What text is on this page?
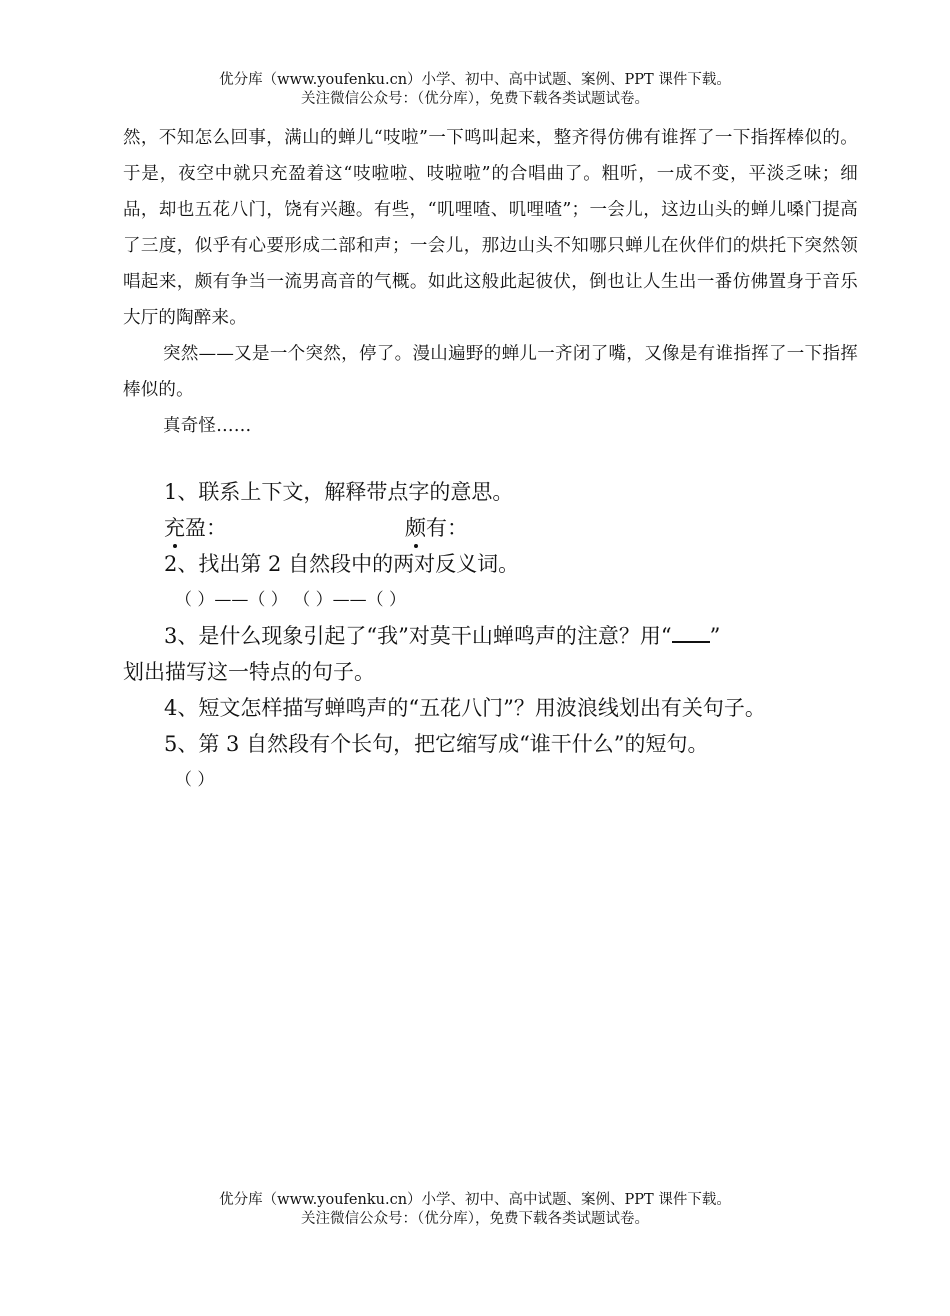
优分库（www.youfenku.cn）小学、初中、高中试题、案例、PPT 课件下载。
关注微信公众号：（优分库），免费下载各类试题试卷。

然，不知怎么回事，满山的蝉儿“吱啦”一下鸣叫起来，整齐得仿佛有谁挥了一下指挥棒似的。于是，夜空中就只充盈着这“吱啦啦、吱啦啦”的合唱曲了。粗听，一成不变，平淡乏味；细品，却也五花八门，饶有兴趣。有些，“叽哩喳、叽哩喳”；一会儿，这边山头的蝉儿嗓门提高了三度，似乎有心要形成二部和声；一会儿，那边山头不知哪只蝉儿在伙伴们的烘托下突然领唱起来，颇有争当一流男高音的气概。如此这般此起彼伏，倒也让人生出一番仿佛置身于音乐大厅的陶醉来。

突然——又是一个突然，停了。漫山遍野的蝉儿一齐闭了嘴，又像是有谁指挥了一下指挥棒似的。

真奇怪……

1、联系上下文，解释带点字的意思。

充盈：	颇有：

2、找出第 2 自然段中的两对反义词。

（ ）——（ ） （ ）——（ ）

3、是什么现象引起了“我”对莫干山蝉鸣声的注意？用“ ”

划出描写这一特点的句子。

4、短文怎样描写蝉鸣声的“五花八门”？用波浪线划出有关句子。

5、第 3 自然段有个长句，把它缩写成“谁干什么”的短句。

（ ）

优分库（www.youfenku.cn）小学、初中、高中试题、案例、PPT 课件下载。
关注微信公众号：（优分库），免费下载各类试题试卷。
